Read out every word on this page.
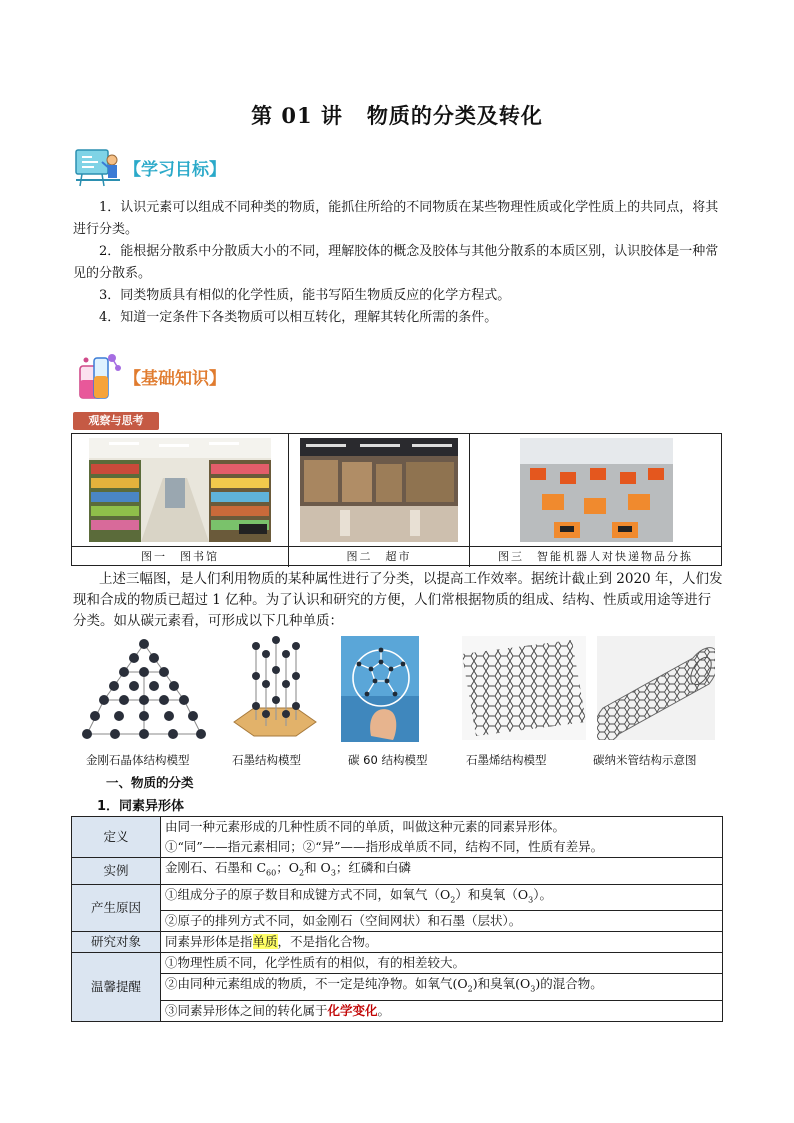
第 01 讲 物质的分类及转化
【学习目标】
1．认识元素可以组成不同种类的物质，能抓住所给的不同物质在某些物理性质或化学性质上的共同点，将其进行分类。
2．能根据分散系中分散质大小的不同，理解胶体的概念及胶体与其他分散系的本质区别，认识胶体是一种常见的分散系。
3．同类物质具有相似的化学性质，能书写陌生物质反应的化学方程式。
4．知道一定条件下各类物质可以相互转化，理解其转化所需的条件。
【基础知识】
观察与思考
图一　图书馆	图二　超市	图三　智能机器人对快递物品分拣
上述三幅图，是人们利用物质的某种属性进行了分类，以提高工作效率。据统计截止到 2020 年，人们发现和合成的物质已超过 1 亿种。为了认识和研究的方便，人们常根据物质的组成、结构、性质或用途等进行分类。如从碳元素看，可形成以下几种单质：
金刚石晶体结构模型	石墨结构模型	碳 60 结构模型	石墨烯结构模型	碳纳米管结构示意图
一、物质的分类
1．同素异形体
定义	由同一种元素形成的几种性质不同的单质，叫做这种元素的同素异形体。
	①“同”——指元素相同；②“异”——指形成单质不同，结构不同，性质有差异。
实例	金刚石、石墨和 $C_{60}$；$O_2$和 $O_3$；红磷和白磷
产生原因	①组成分子的原子数目和成键方式不同，如氧气$(O_2)$和臭氧$(O_3)$。
	②原子的排列方式不同，如金刚石（空间网状）和石墨（层状）。
研究对象	同素异形体是指单质，不是指化合物。
温馨提醒	①物理性质不同，化学性质有的相似，有的相差较大。
	②由同种元素组成的物质，不一定是纯净物。如氧气$(O_2)$和臭氧$(O_3)$的混合物。
	③同素异形体之间的转化属于化学变化。
